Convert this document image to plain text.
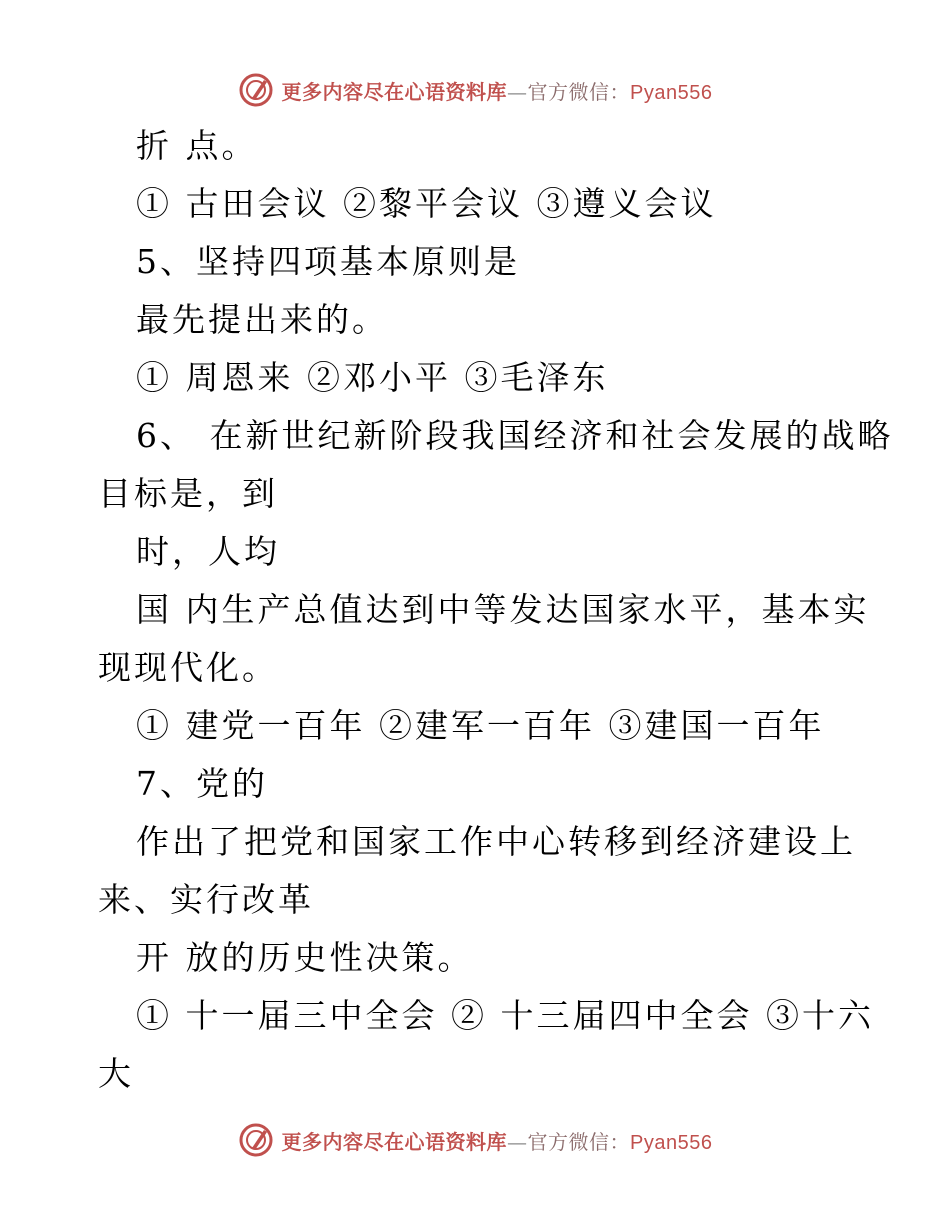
更多内容尽在心语资料库—官方微信：Pyan556
折 点。
① 古田会议 ②黎平会议 ③遵义会议
5、坚持四项基本原则是
最先提出来的。
① 周恩来 ②邓小平 ③毛泽东
6、 在新世纪新阶段我国经济和社会发展的战略
目标是，到
时，人均
国 内生产总值达到中等发达国家水平，基本实
现现代化。
① 建党一百年 ②建军一百年 ③建国一百年
7、党的
作出了把党和国家工作中心转移到经济建设上
来、实行改革
开 放的历史性决策。
① 十一届三中全会 ② 十三届四中全会 ③十六
大
更多内容尽在心语资料库—官方微信：Pyan556
